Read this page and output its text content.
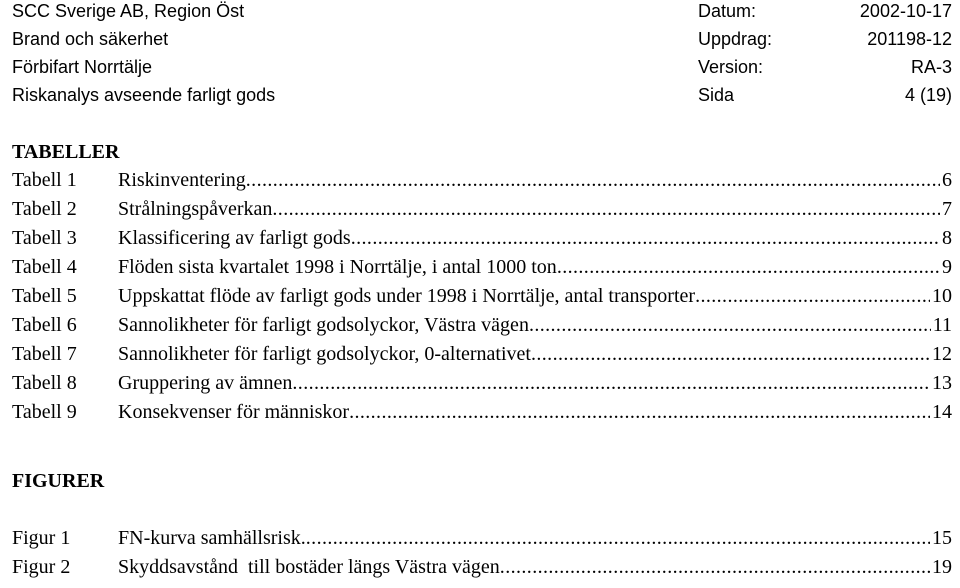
SCC Sverige AB, Region Öst	Datum:	2002-10-17
Brand och säkerhet	Uppdrag:	201198-12
Förbifart Norrtälje	Version:	RA-3
Riskanalys avseende farligt gods	Sida	4 (19)
TABELLER
Tabell 1	Riskinventering .....	6
Tabell 2	Strålningspåverkan .....	7
Tabell 3	Klassificering av farligt gods .....	8
Tabell 4	Flöden sista kvartalet 1998 i Norrtälje, i antal 1000 ton .....	9
Tabell 5	Uppskattat flöde av farligt gods under 1998 i Norrtälje, antal transporter .....	10
Tabell 6	Sannolikheter för farligt godsolyckor, Västra vägen .....	11
Tabell 7	Sannolikheter för farligt godsolyckor, 0-alternativet .....	12
Tabell 8	Gruppering av ämnen .....	13
Tabell 9	Konsekvenser för människor .....	14
FIGURER
Figur 1	FN-kurva samhällsrisk. .....	15
Figur 2	Skyddsavstånd  till bostäder längs Västra vägen .....	19
